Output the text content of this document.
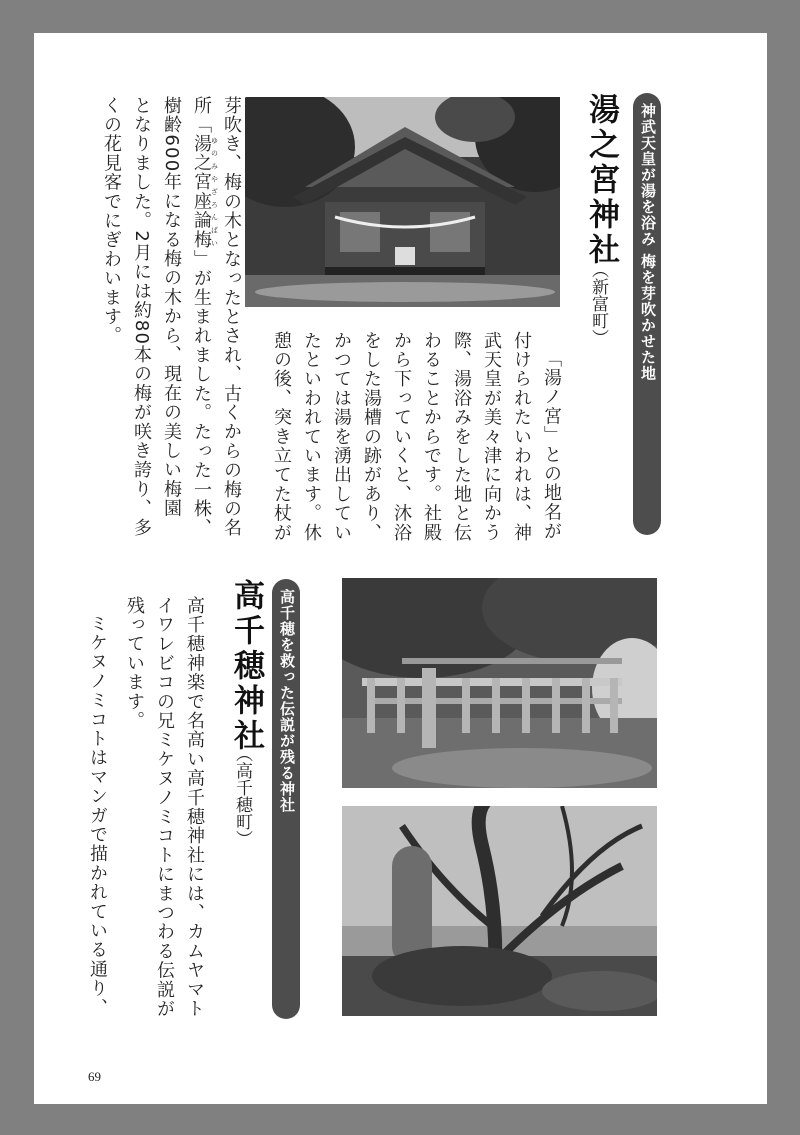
神武天皇が湯を浴み 梅を芽吹かせた地
湯之宮神社
（新富町）
「湯ノ宮」との地名が
付けられたいわれは、神
武天皇が美々津に向かう
際、湯浴みをした地と伝
わることからです。社殿
から下っていくと、沐浴
をした湯槽の跡があり、
かつては湯を湧出してい
たといわれています。休
憩の後、突き立てた杖が
芽吹き、梅の木となったとされ、古くからの梅の名
所「湯之宮座論梅ゆのみやざろんばい」が生まれました。たった一株、
樹齢600年になる梅の木から、現在の美しい梅園
となりました。2月には約80本の梅が咲き誇り、多
くの花見客でにぎわいます。
高千穂を救った伝説が残る神社
高千穂神社
（高千穂町）
高千穂神楽で名高い高千穂神社には、カムヤマト
イワレビコの兄ミケヌノミコトにまつわる伝説が
残っています。
ミケヌノミコトはマンガで描かれている通り、
69
